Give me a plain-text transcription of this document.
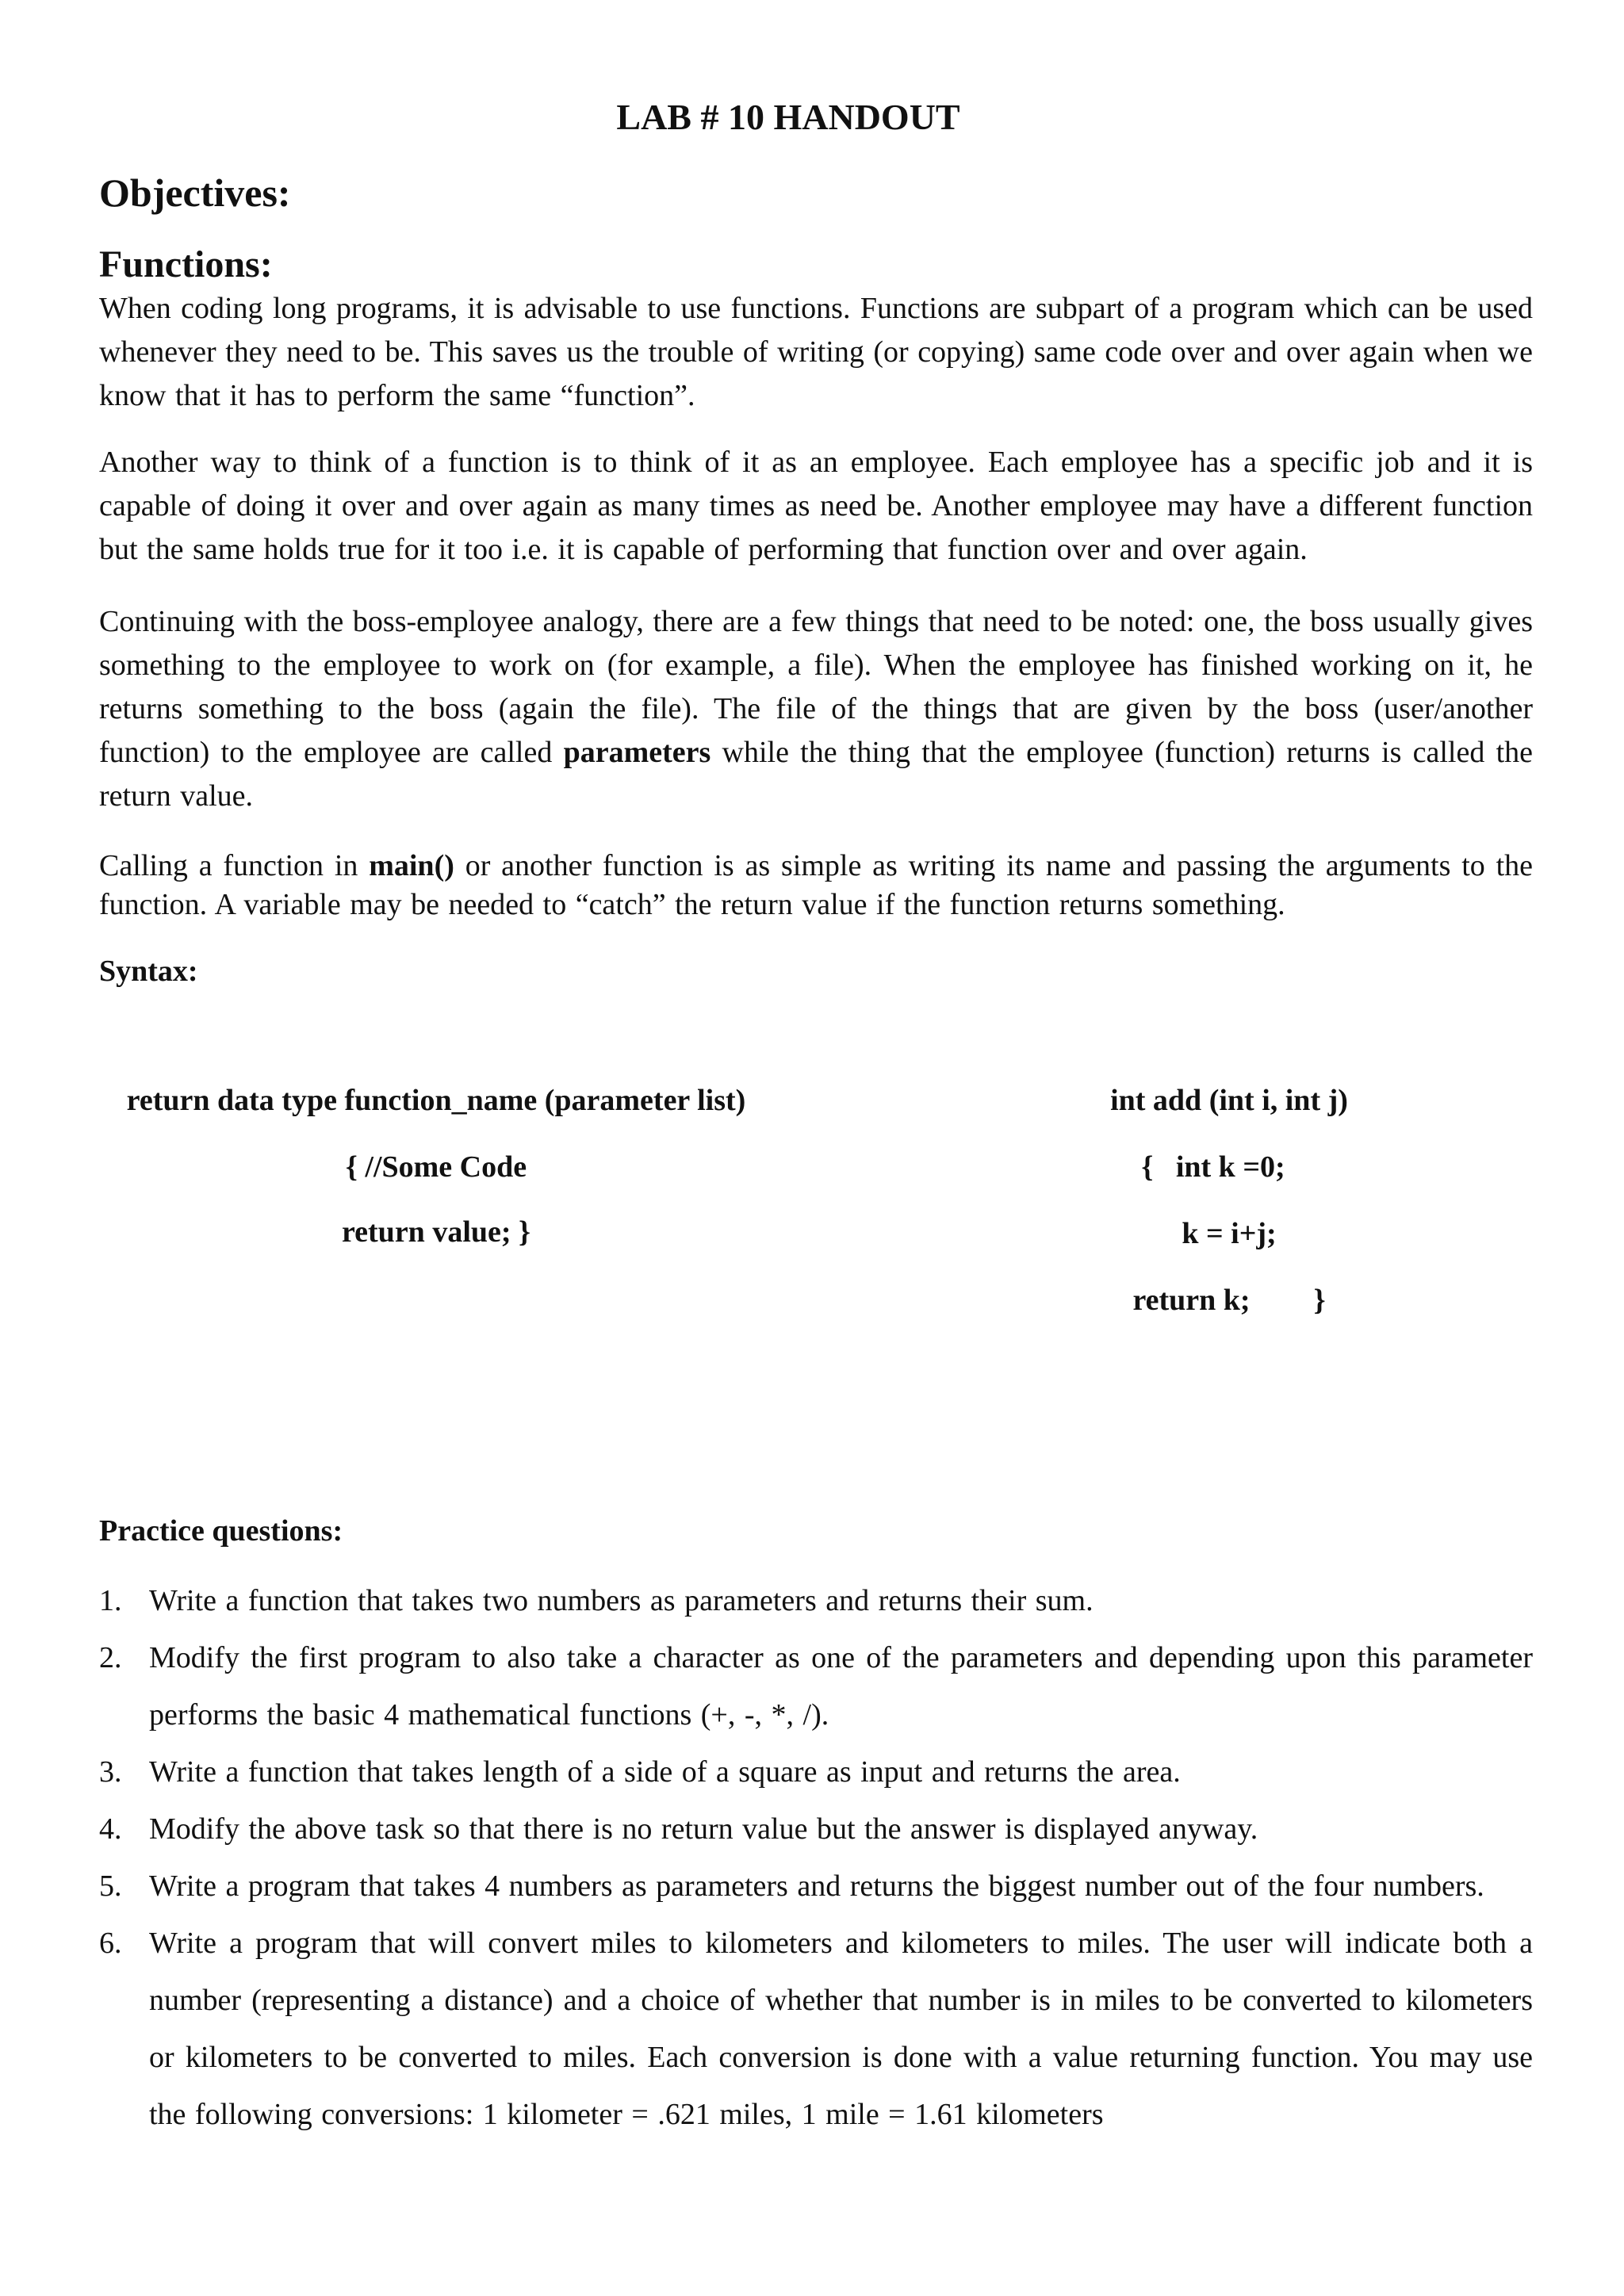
LAB # 10 HANDOUT
Objectives:
Functions:

When coding long programs, it is advisable to use functions. Functions are subpart of a program which can be used whenever they need to be. This saves us the trouble of writing (or copying) same code over and over again when we know that it has to perform the same “function”.

Another way to think of a function is to think of it as an employee. Each employee has a specific job and it is capable of doing it over and over again as many times as need be. Another employee may have a different function but the same holds true for it too i.e. it is capable of performing that function over and over again.

Continuing with the boss-employee analogy, there are a few things that need to be noted: one, the boss usually gives something to the employee to work on (for example, a file). When the employee has finished working on it, he returns something to the boss (again the file). The file of the things that are given by the boss (user/another function) to the employee are called parameters while the thing that the employee (function) returns is called the return value.

Calling a function in main() or another function is as simple as writing its name and passing the arguments to the function. A variable may be needed to “catch” the return value if the function returns something.

Syntax:
return data type function_name (parameter list)
{ //Some Code
return value; }
int add (int i, int j)
{   int k =0;
k = i+j;
return k; }
Practice questions:
1. Write a function that takes two numbers as parameters and returns their sum.
2. Modify the first program to also take a character as one of the parameters and depending upon this parameter performs the basic 4 mathematical functions (+, -, *, /).
3. Write a function that takes length of a side of a square as input and returns the area.
4. Modify the above task so that there is no return value but the answer is displayed anyway.
5. Write a program that takes 4 numbers as parameters and returns the biggest number out of the four numbers.
6. Write a program that will convert miles to kilometers and kilometers to miles. The user will indicate both a number (representing a distance) and a choice of whether that number is in miles to be converted to kilometers or kilometers to be converted to miles. Each conversion is done with a value returning function. You may use the following conversions: 1 kilometer = .621 miles, 1 mile = 1.61 kilometers
